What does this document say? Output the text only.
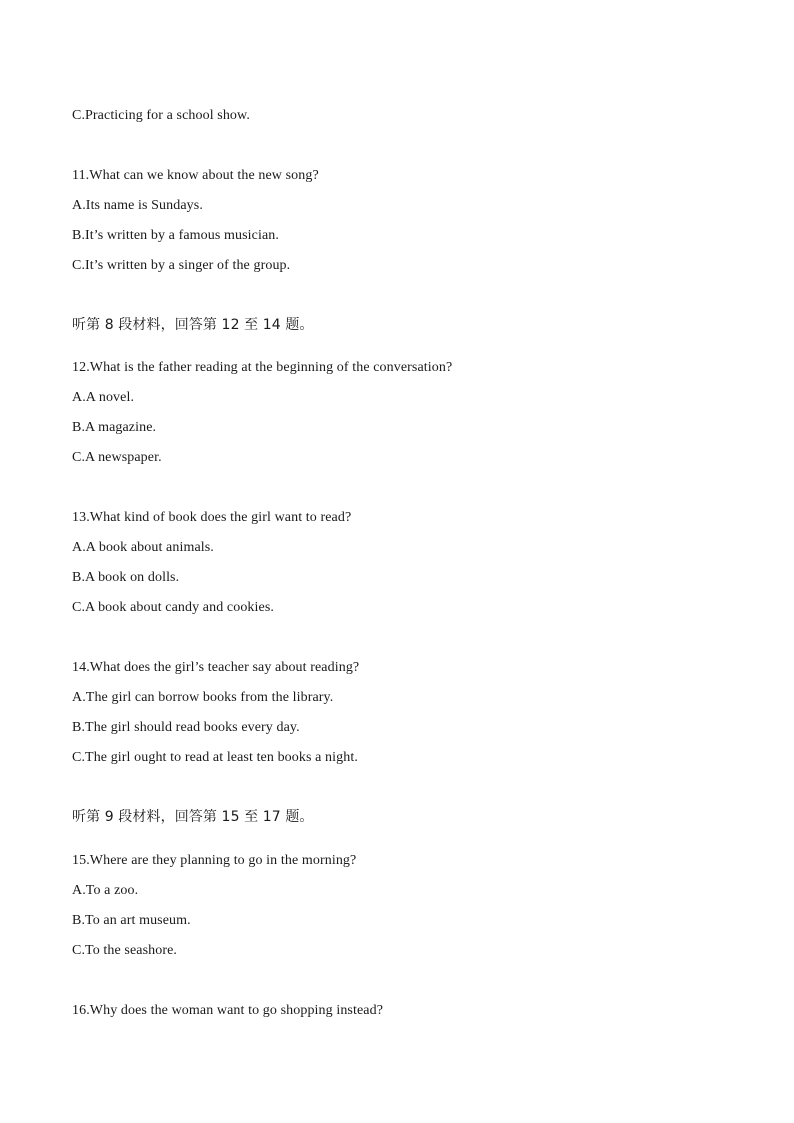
C.Practicing for a school show.
11.What can we know about the new song?
A.Its name is Sundays.
B.It’s written by a famous musician.
C.It’s written by a singer of the group.
听第 8 段材料，回答第 12 至 14 题。
12.What is the father reading at the beginning of the conversation?
A.A novel.
B.A magazine.
C.A newspaper.
13.What kind of book does the girl want to read?
A.A book about animals.
B.A book on dolls.
C.A book about candy and cookies.
14.What does the girl’s teacher say about reading?
A.The girl can borrow books from the library.
B.The girl should read books every day.
C.The girl ought to read at least ten books a night.
听第 9 段材料，回答第 15 至 17 题。
15.Where are they planning to go in the morning?
A.To a zoo.
B.To an art museum.
C.To the seashore.
16.Why does the woman want to go shopping instead?
